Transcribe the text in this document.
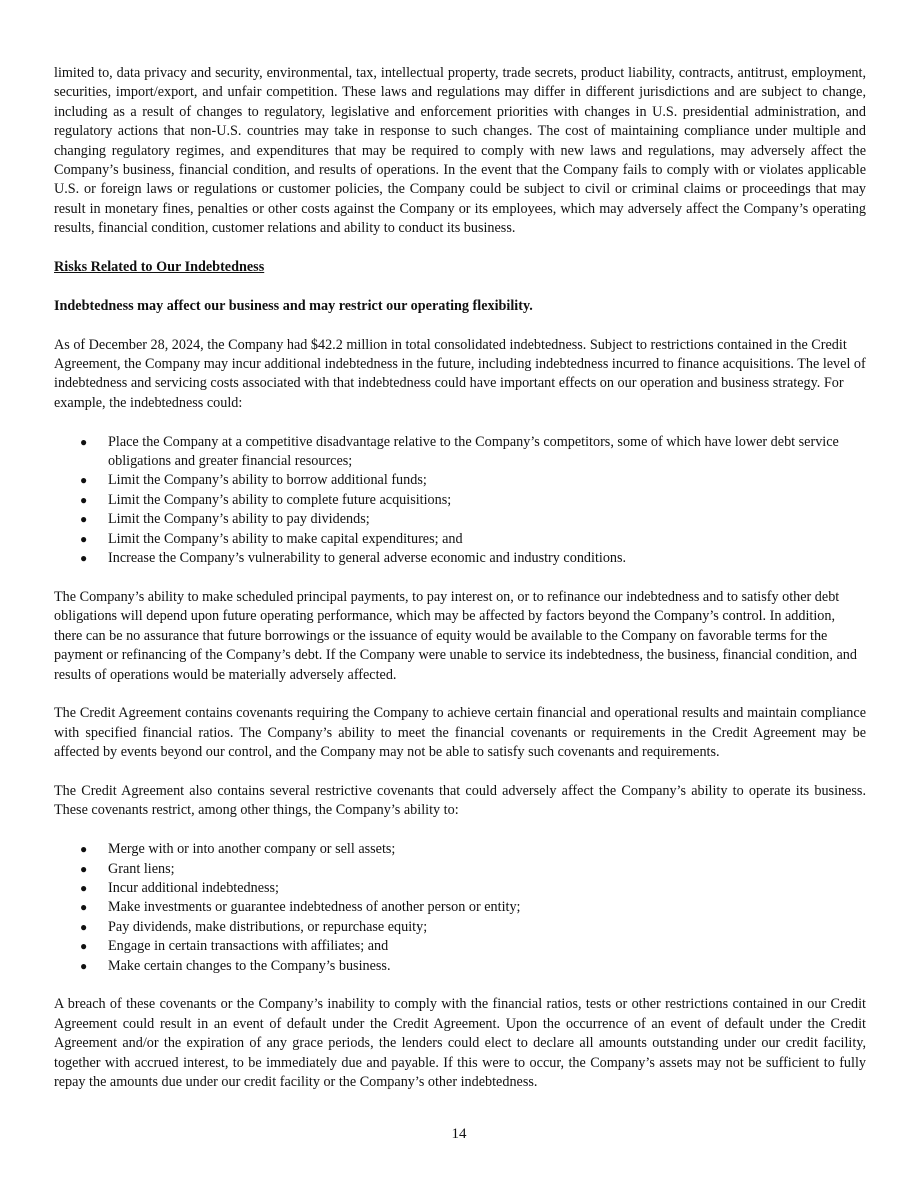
limited to, data privacy and security, environmental, tax, intellectual property, trade secrets, product liability, contracts, antitrust, employment, securities, import/export, and unfair competition. These laws and regulations may differ in different jurisdictions and are subject to change, including as a result of changes to regulatory, legislative and enforcement priorities with changes in U.S. presidential administration, and regulatory actions that non-U.S. countries may take in response to such changes. The cost of maintaining compliance under multiple and changing regulatory regimes, and expenditures that may be required to comply with new laws and regulations, may adversely affect the Company’s business, financial condition, and results of operations. In the event that the Company fails to comply with or violates applicable U.S. or foreign laws or regulations or customer policies, the Company could be subject to civil or criminal claims or proceedings that may result in monetary fines, penalties or other costs against the Company or its employees, which may adversely affect the Company’s operating results, financial condition, customer relations and ability to conduct its business.

Risks Related to Our Indebtedness

Indebtedness may affect our business and may restrict our operating flexibility.

As of December 28, 2024, the Company had $42.2 million in total consolidated indebtedness. Subject to restrictions contained in the Credit Agreement, the Company may incur additional indebtedness in the future, including indebtedness incurred to finance acquisitions. The level of indebtedness and servicing costs associated with that indebtedness could have important effects on our operation and business strategy. For example, the indebtedness could:

● Place the Company at a competitive disadvantage relative to the Company’s competitors, some of which have lower debt service obligations and greater financial resources;
● Limit the Company’s ability to borrow additional funds;
● Limit the Company’s ability to complete future acquisitions;
● Limit the Company’s ability to pay dividends;
● Limit the Company’s ability to make capital expenditures; and
● Increase the Company’s vulnerability to general adverse economic and industry conditions.

The Company’s ability to make scheduled principal payments, to pay interest on, or to refinance our indebtedness and to satisfy other debt obligations will depend upon future operating performance, which may be affected by factors beyond the Company’s control. In addition, there can be no assurance that future borrowings or the issuance of equity would be available to the Company on favorable terms for the payment or refinancing of the Company’s debt. If the Company were unable to service its indebtedness, the business, financial condition, and results of operations would be materially adversely affected.

The Credit Agreement contains covenants requiring the Company to achieve certain financial and operational results and maintain compliance with specified financial ratios. The Company’s ability to meet the financial covenants or requirements in the Credit Agreement may be affected by events beyond our control, and the Company may not be able to satisfy such covenants and requirements.

The Credit Agreement also contains several restrictive covenants that could adversely affect the Company’s ability to operate its business. These covenants restrict, among other things, the Company’s ability to:

● Merge with or into another company or sell assets;
● Grant liens;
● Incur additional indebtedness;
● Make investments or guarantee indebtedness of another person or entity;
● Pay dividends, make distributions, or repurchase equity;
● Engage in certain transactions with affiliates; and
● Make certain changes to the Company’s business.

A breach of these covenants or the Company’s inability to comply with the financial ratios, tests or other restrictions contained in our Credit Agreement could result in an event of default under the Credit Agreement. Upon the occurrence of an event of default under the Credit Agreement and/or the expiration of any grace periods, the lenders could elect to declare all amounts outstanding under our credit facility, together with accrued interest, to be immediately due and payable. If this were to occur, the Company’s assets may not be sufficient to fully repay the amounts due under our credit facility or the Company’s other indebtedness.

14
